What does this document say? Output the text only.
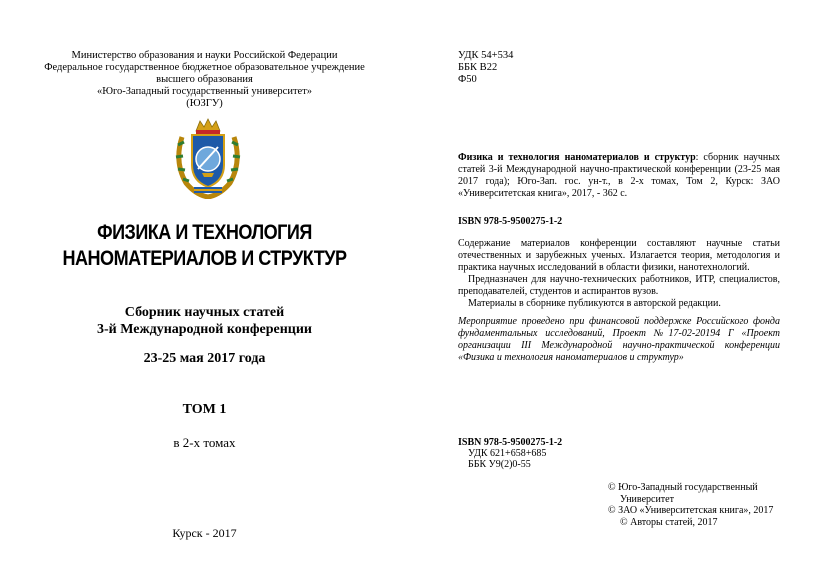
Министерство образования и науки Российской Федерации
Федеральное государственное бюджетное образовательное учреждение
высшего образования
«Юго-Западный государственный университет»
(ЮЗГУ)
ФИЗИКА И ТЕХНОЛОГИЯ
НАНОМАТЕРИАЛОВ И СТРУКТУР
Сборник научных статей
3-й Международной конференции
23-25 мая 2017 года
ТОМ 1
в 2-х томах
Курск - 2017
УДК 54+534
ББК В22
Ф50
Физика и технология наноматериалов и структур: сборник научных статей 3-й Международной научно-практической конференции (23-25 мая 2017 года); Юго-Зап. гос. ун-т., в 2-х томах, Том 2, Курск: ЗАО «Университетская книга», 2017, - 362 с.
ISBN 978-5-9500275-1-2

Содержание материалов конференции составляют научные статьи отечественных и зарубежных ученых. Излагается теория, методология и практика научных исследований в области физики, нанотехнологий.

Предназначен для научно-технических работников, ИТР, специалистов, преподавателей, студентов и аспирантов вузов.

Материалы в сборнике публикуются в авторской редакции.

Мероприятие проведено при финансовой поддержке Российского фонда фундаментальных исследований, Проект №17-02-20194 Г «Проект организации III Международной научно-практической конференции «Физика и технология наноматериалов и структур»
ISBN 978-5-9500275-1-2
УДК 621+658+685
ББК У9(2)0-55
© Юго-Западный государственный
Университет
© ЗАО «Университетская книга», 2017
© Авторы статей, 2017
